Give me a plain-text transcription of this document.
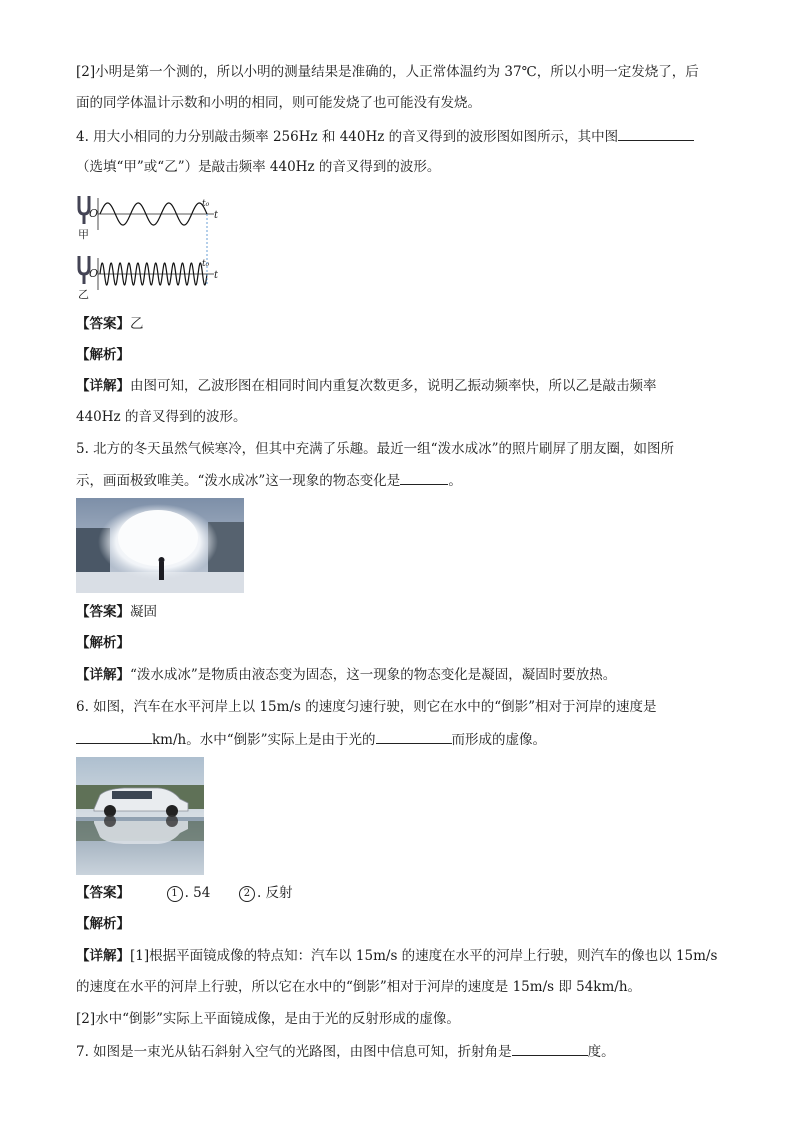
[2]小明是第一个测的，所以小明的测量结果是准确的，人正常体温约为 37℃，所以小明一定发烧了，后
面的同学体温计示数和小明的相同，则可能发烧了也可能没有发烧。
4. 用大小相同的力分别敲击频率 256Hz 和 440Hz 的音叉得到的波形图如图所示，其中图
（选填“甲”或“乙”）是敲击频率 440Hz 的音叉得到的波形。
甲
O
t₀
t
乙
O
t₀
t
【答案】乙
【解析】
【详解】由图可知，乙波形图在相同时间内重复次数更多，说明乙振动频率快，所以乙是敲击频率
440Hz 的音叉得到的波形。
5. 北方的冬天虽然气候寒冷，但其中充满了乐趣。最近一组“泼水成冰”的照片刷屏了朋友圈，如图所
示，画面极致唯美。“泼水成冰”这一现象的物态变化是	。
【答案】凝固
【解析】
【详解】“泼水成冰”是物质由液态变为固态，这一现象的物态变化是凝固，凝固时要放热。
6. 如图，汽车在水平河岸上以 15m/s 的速度匀速行驶，则它在水中的“倒影”相对于河岸的速度是
km/h。水中“倒影”实际上是由于光的	而形成的虚像。
【答案】	1 . 54	2 . 反射
【解析】
【详解】[1]根据平面镜成像的特点知：汽车以 15m/s 的速度在水平的河岸上行驶，则汽车的像也以 15m/s
的速度在水平的河岸上行驶，所以它在水中的“倒影”相对于河岸的速度是 15m/s 即 54km/h。
[2]水中“倒影”实际上平面镜成像，是由于光的反射形成的虚像。
7. 如图是一束光从钻石斜射入空气的光路图，由图中信息可知，折射角是	度。
